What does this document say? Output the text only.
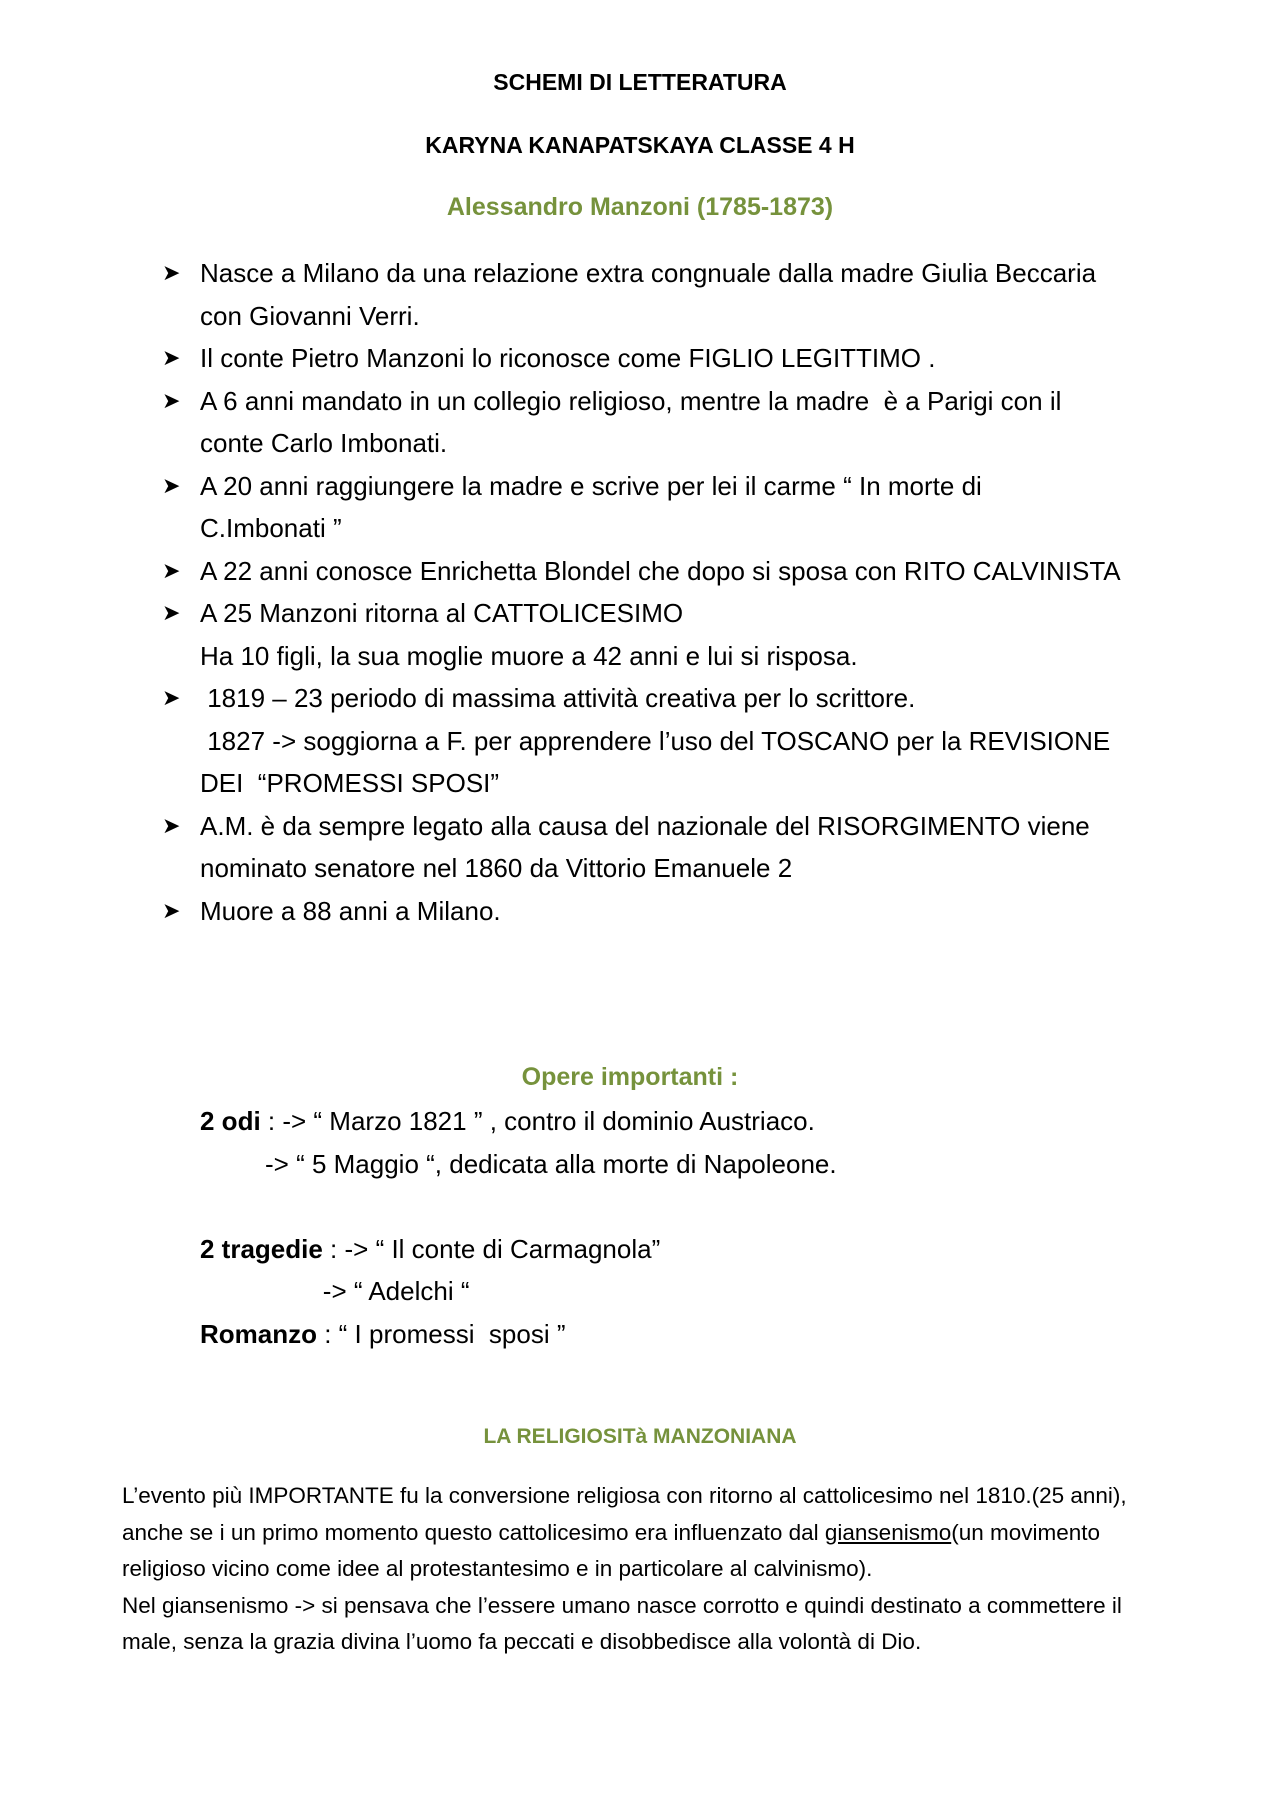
SCHEMI DI LETTERATURA
KARYNA KANAPATSKAYA CLASSE 4 H
Alessandro Manzoni (1785-1873)
➤ Nasce a Milano da una relazione extra congnuale dalla madre Giulia Beccaria
con Giovanni Verri.
➤ Il conte Pietro Manzoni lo riconosce come FIGLIO LEGITTIMO .
➤ A 6 anni mandato in un collegio religioso, mentre la madre  è a Parigi con il
conte Carlo Imbonati.
➤ A 20 anni raggiungere la madre e scrive per lei il carme “ In morte di
C.Imbonati ”
➤ A 22 anni conosce Enrichetta Blondel che dopo si sposa con RITO CALVINISTA
➤ A 25 Manzoni ritorna al CATTOLICESIMO
Ha 10 figli, la sua moglie muore a 42 anni e lui si risposa.
➤ 1819 – 23 periodo di massima attività creativa per lo scrittore.
1827 -> soggiorna a F. per apprendere l’uso del TOSCANO per la REVISIONE
DEI  “PROMESSI SPOSI”
➤ A.M. è da sempre legato alla causa del nazionale del RISORGIMENTO viene
nominato senatore nel 1860 da Vittorio Emanuele 2
➤ Muore a 88 anni a Milano.
Opere importanti :
2 odi : -> “ Marzo 1821 ” , contro il dominio Austriaco.
-> “ 5 Maggio “, dedicata alla morte di Napoleone.
2 tragedie : -> “ Il conte di Carmagnola”
-> “ Adelchi “
Romanzo : “ I promessi  sposi ”
LA RELIGIOSITà MANZONIANA
L’evento più IMPORTANTE fu la conversione religiosa con ritorno al cattolicesimo nel 1810.(25 anni), anche se i un primo momento questo cattolicesimo era influenzato dal giansenismo(un movimento religioso vicino come idee al protestantesimo e in particolare al calvinismo).
Nel giansenismo -> si pensava che l’essere umano nasce corrotto e quindi destinato a commettere il male, senza la grazia divina l’uomo fa peccati e disobbedisce alla volontà di Dio.
